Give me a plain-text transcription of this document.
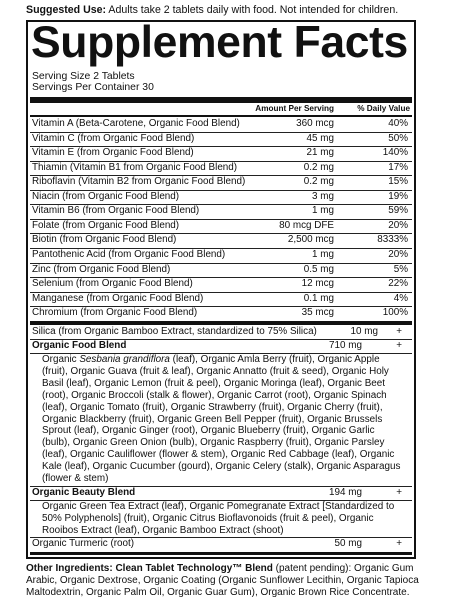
Suggested Use: Adults take 2 tablets daily with food. Not intended for children.
Supplement Facts
Serving Size 2 Tablets
Servings Per Container 30
Amount Per Serving	% Daily Value
Vitamin A (Beta-Carotene, Organic Food Blend)	360 mcg	40%
Vitamin C (from Organic Food Blend)	45 mg	50%
Vitamin E (from Organic Food Blend)	21 mg	140%
Thiamin (Vitamin B1 from Organic Food Blend)	0.2 mg	17%
Riboflavin (Vitamin B2 from Organic Food Blend)	0.2 mg	15%
Niacin (from Organic Food Blend)	3 mg	19%
Vitamin B6 (from Organic Food Blend)	1 mg	59%
Folate (from Organic Food Blend)	80 mcg DFE	20%
Biotin (from Organic Food Blend)	2,500 mcg	8333%
Pantothenic Acid (from Organic Food Blend)	1 mg	20%
Zinc (from Organic Food Blend)	0.5 mg	5%
Selenium (from Organic Food Blend)	12 mcg	22%
Manganese (from Organic Food Blend)	0.1 mg	4%
Chromium (from Organic Food Blend)	35 mcg	100%
Silica (from Organic Bamboo Extract, standardized to 75% Silica)	10 mg +
Organic Food Blend	710 mg	+
Organic Sesbania grandiflora (leaf), Organic Amla Berry (fruit), Organic Apple
(fruit), Organic Guava (fruit & leaf), Organic Annatto (fruit & seed), Organic Holy
Basil (leaf), Organic Lemon (fruit & peel), Organic Moringa (leaf), Organic Beet
(root), Organic Broccoli (stalk & flower), Organic Carrot (root), Organic Spinach
(leaf), Organic Tomato (fruit), Organic Strawberry (fruit), Organic Cherry (fruit),
Organic Blackberry (fruit), Organic Green Bell Pepper (fruit), Organic Brussels
Sprout (leaf), Organic Ginger (root), Organic Blueberry (fruit), Organic Garlic
(bulb), Organic Green Onion (bulb), Organic Raspberry (fruit), Organic Parsley
(leaf), Organic Cauliflower (flower & stem), Organic Red Cabbage (leaf), Organic
Kale (leaf), Organic Cucumber (gourd), Organic Celery (stalk), Organic Asparagus
(flower & stem)
Organic Beauty Blend	194 mg	+
Organic Green Tea Extract (leaf), Organic Pomegranate Extract [Standardized to
50% Polyphenols] (fruit), Organic Citrus Bioflavonoids (fruit & peel), Organic
Rooibos Extract (leaf), Organic Bamboo Extract (shoot)
Organic Turmeric (root)	50 mg	+
Other Ingredients: Clean Tablet Technology™ Blend (patent pending): Organic Gum
Arabic, Organic Dextrose, Organic Coating (Organic Sunflower Lecithin, Organic Tapioca
Maltodextrin, Organic Palm Oil, Organic Guar Gum), Organic Brown Rice Concentrate.
